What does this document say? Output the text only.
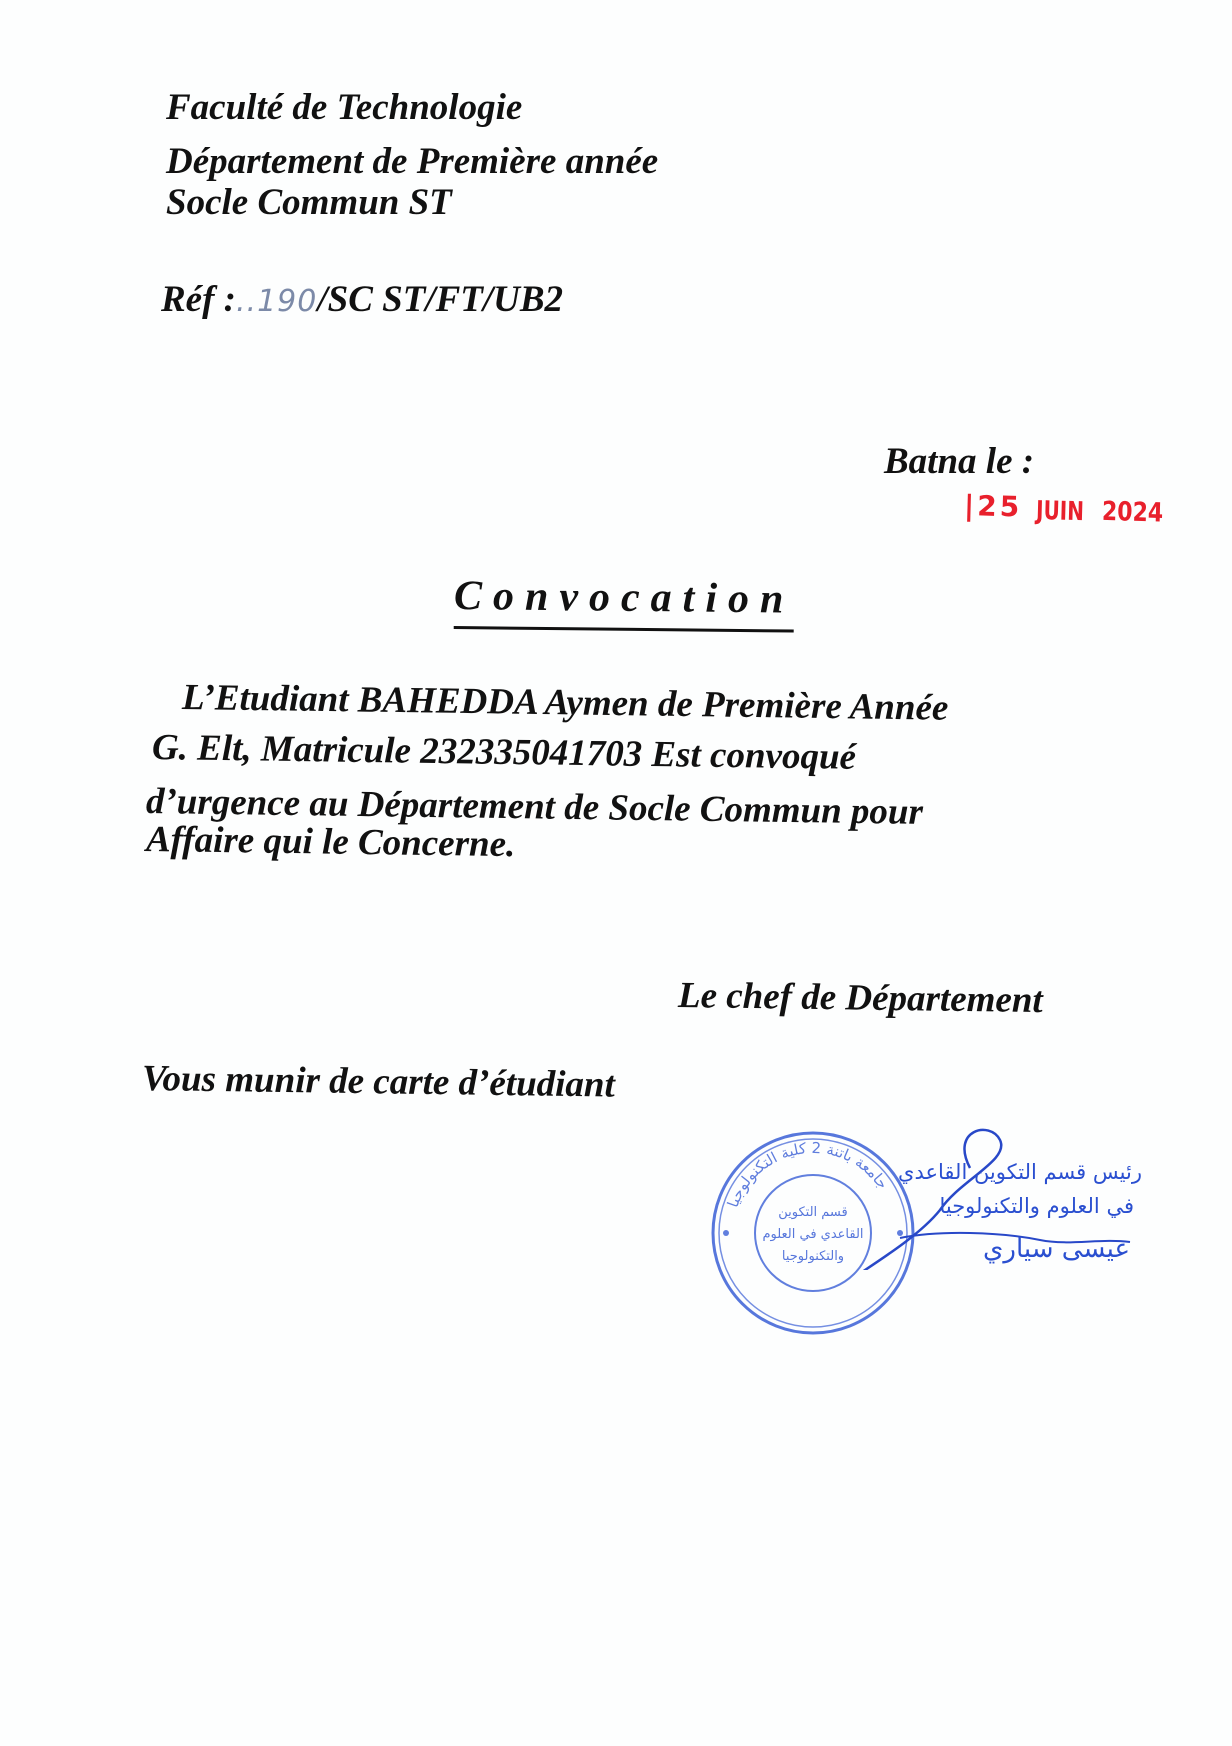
Faculté de Technologie
Département de Première année
Socle Commun ST
Réf :..190/SC ST/FT/UB2
Batna le :
|25 JUIN 2024
Convocation
L’Etudiant BAHEDDA Aymen de Première Année
G. Elt, Matricule 232335041703 Est convoqué
d’urgence au Département de Socle Commun pour
Affaire qui le Concerne.
Le chef de Département
Vous munir de carte d’étudiant
جامعة باتنة 2 كلية التكنولوجيا
قسم التكوين
القاعدي في العلوم
والتكنولوجيا
رئيس قسم التكوين القاعدي
في العلوم والتكنولوجيا
عيسى سياري
